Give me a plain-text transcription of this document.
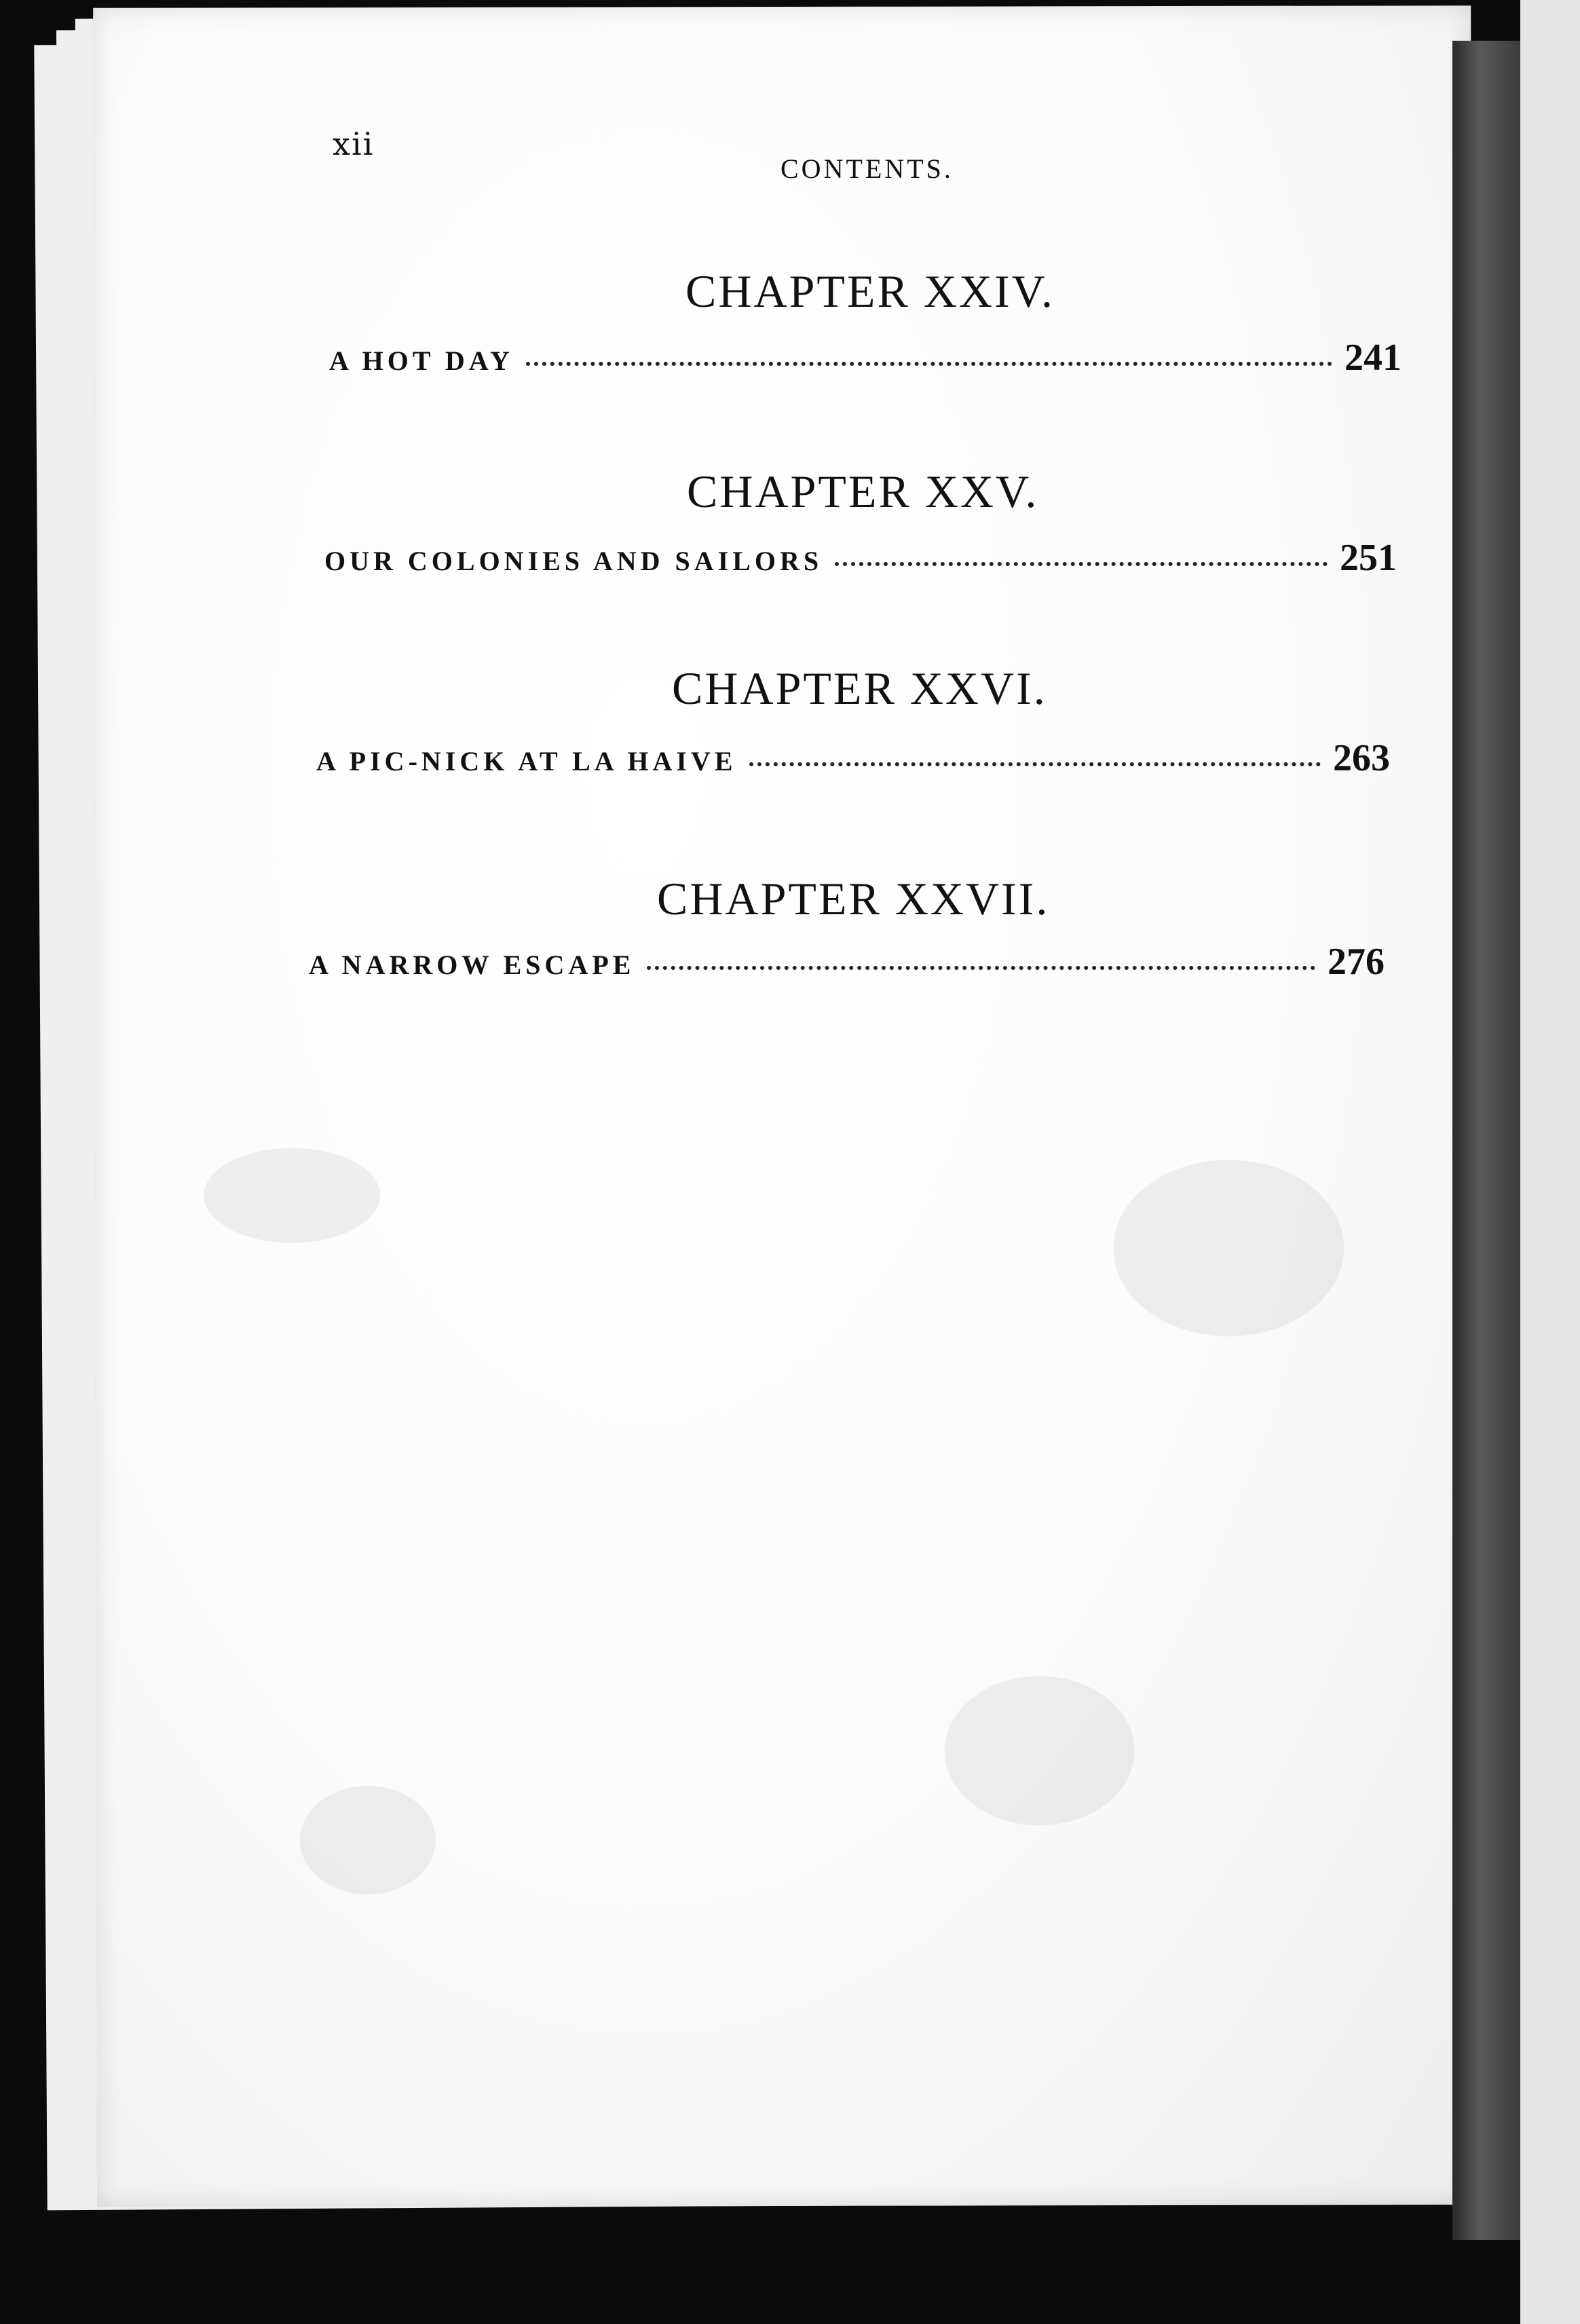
xii
CONTENTS.
CHAPTER XXIV.
A HOT DAY	241
CHAPTER XXV.
OUR COLONIES AND SAILORS	251
CHAPTER XXVI.
A PIC-NICK AT LA HAIVE	263
CHAPTER XXVII.
A NARROW ESCAPE	276
